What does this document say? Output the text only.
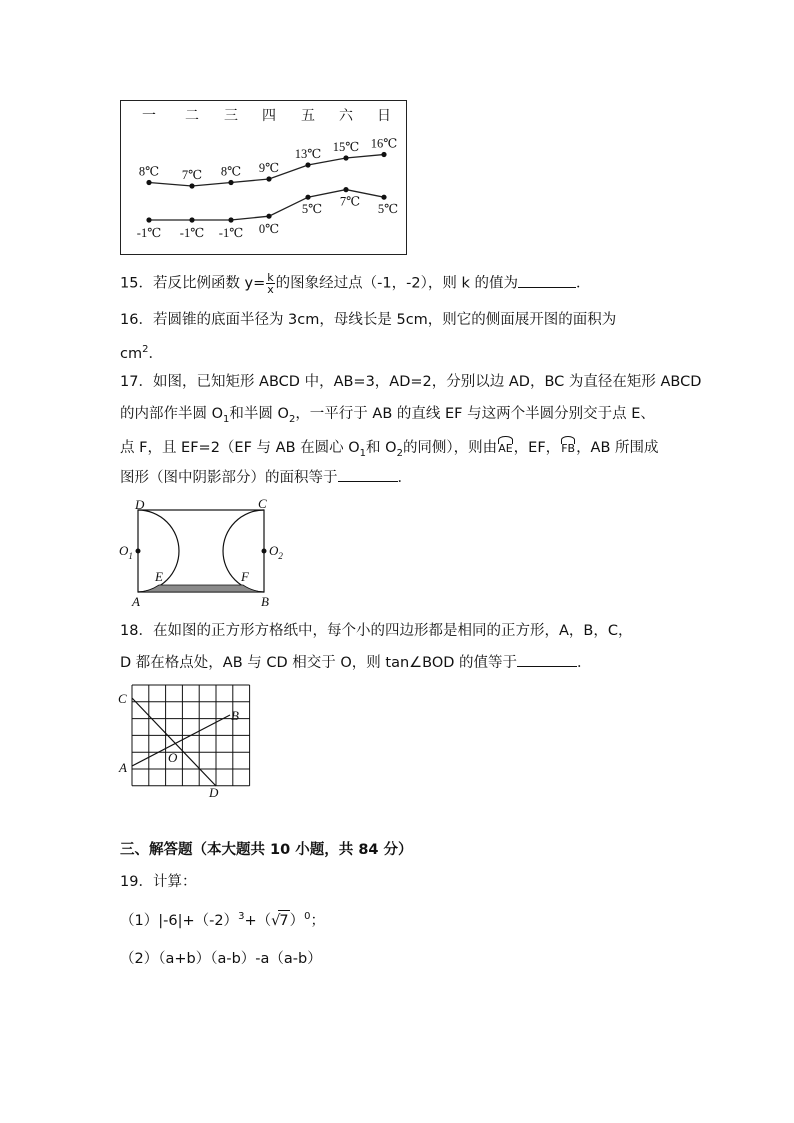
一 二 三 四 五 六 日
8℃ 7℃ 8℃ 9℃
13℃ 15℃ 16℃
-1℃ -1℃ -1℃ 0℃
5℃
7℃
5℃
15．若反比例函数 $y= \frac{k}{x}$ 的图象经过点（-1，-2），则 k 的值为	．
16．若圆锥的底面半径为 3cm，母线长是 5cm，则它的侧面展开图的面积为
$cm^2$．
17．如图，已知矩形 ABCD 中，AB=3，AD=2，分别以边 AD，BC 为直径在矩形 ABCD
的内部作半圆 $O_1$和半圆 $O_2$，一平行于 AB 的直线 EF 与这两个半圆分别交于点 E、
点 F，且 EF=2（EF 与 AB 在圆心 $O_1$和 $O_2$的同侧），则由AE，EF，FB，AB 所围成
图形（图中阴影部分）的面积等于	．
D	C
$O_1$	$O_2$
E	F
A	B
18．在如图的正方形方格纸中，每个小的四边形都是相同的正方形，A，B，C，
D 都在格点处，AB 与 CD 相交于 O，则 tan∠BOD 的值等于	．
C
B
O
A
D
三、解答题（本大题共 10 小题，共 84 分）
19．计算：
$(1)|-6|+(-2)^3+(√7)^0$；
（2）（a+b）（a-b）-a（a-b）
